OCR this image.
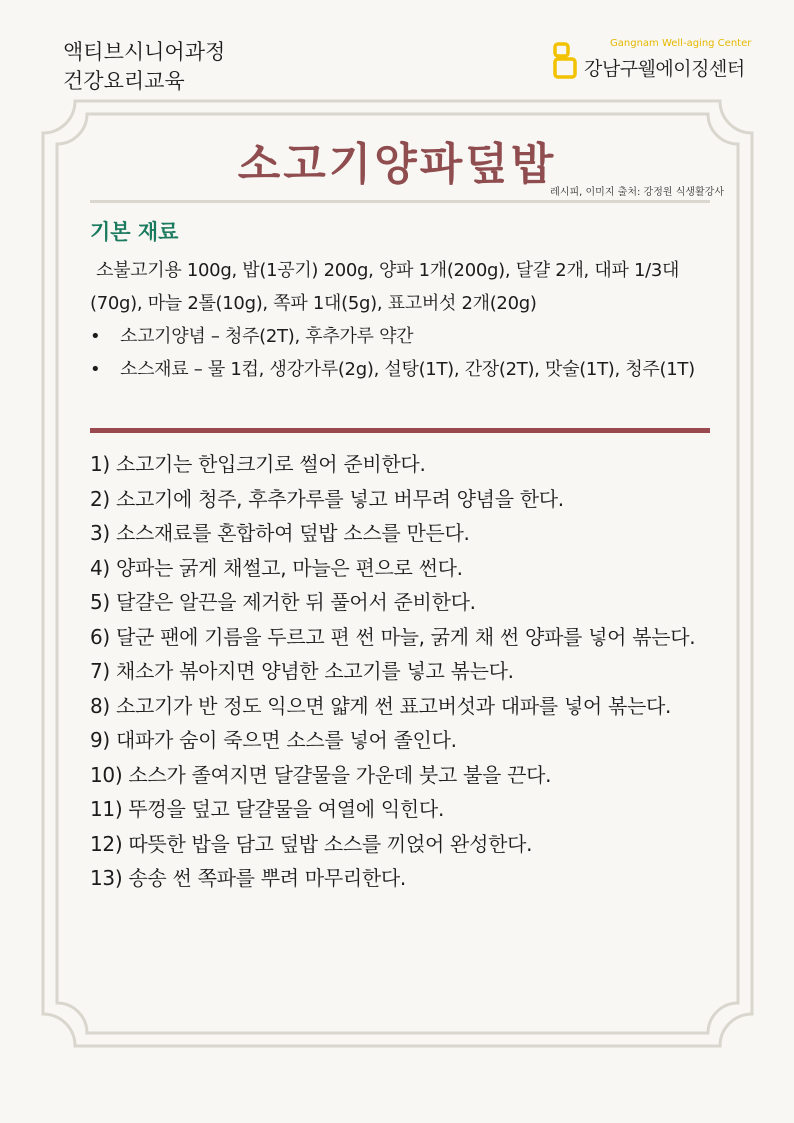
액티브시니어과정
건강요리교육
Gangnam Well-aging Center
강남구웰에이징센터
소고기양파덮밥
레시피, 이미지 출처: 강정원 식생활강사
기본 재료
소불고기용 100g, 밥(1공기) 200g, 양파 1개(200g), 달걀 2개, 대파 1/3대(70g), 마늘 2톨(10g), 쪽파 1대(5g), 표고버섯 2개(20g)
• 소고기양념 – 청주(2T), 후추가루 약간
• 소스재료 – 물 1컵, 생강가루(2g), 설탕(1T), 간장(2T), 맛술(1T), 청주(1T)
1) 소고기는 한입크기로 썰어 준비한다.
2) 소고기에 청주, 후추가루를 넣고 버무려 양념을 한다.
3) 소스재료를 혼합하여 덮밥 소스를 만든다.
4) 양파는 굵게 채썰고, 마늘은 편으로 썬다.
5) 달걀은 알끈을 제거한 뒤 풀어서 준비한다.
6) 달군 팬에 기름을 두르고 편 썬 마늘, 굵게 채 썬 양파를 넣어 볶는다.
7) 채소가 볶아지면 양념한 소고기를 넣고 볶는다.
8) 소고기가 반 정도 익으면 얇게 썬 표고버섯과 대파를 넣어 볶는다.
9) 대파가 숨이 죽으면 소스를 넣어 졸인다.
10) 소스가 졸여지면 달걀물을 가운데 붓고 불을 끈다.
11) 뚜껑을 덮고 달걀물을 여열에 익힌다.
12) 따뜻한 밥을 담고 덮밥 소스를 끼얹어 완성한다.
13) 송송 썬 쪽파를 뿌려 마무리한다.
